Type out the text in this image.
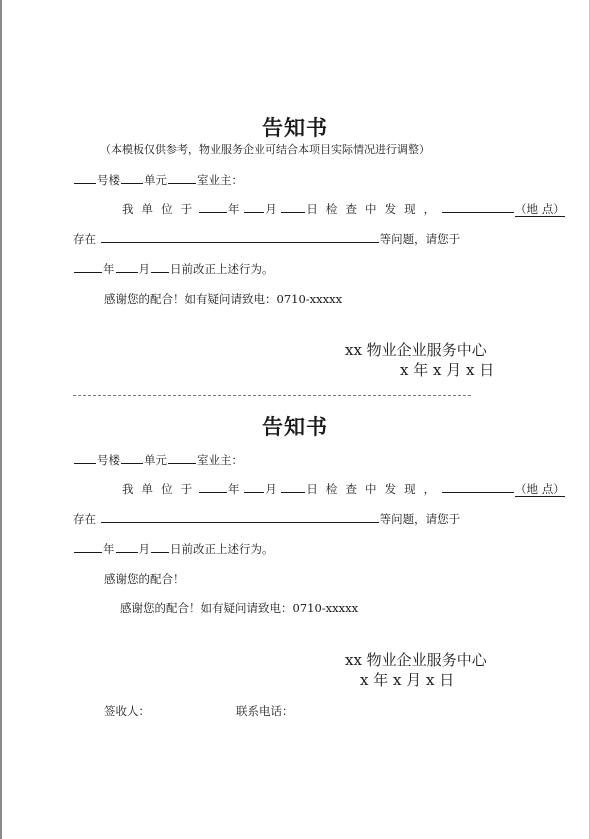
告知书
（本模板仅供参考，物业服务企业可结合本项目实际情况进行调整）
号楼 单元	室业主：
我 单 位 于	年 月	日 检 查 中 发 现 ，	（地 点）
存在	等问题，请您于
年 月 日前改正上述行为。
感谢您的配合！如有疑问请致电：0710-xxxxx
xx 物业企业服务中心
x 年 x 月 x 日
告知书
号楼 单元	室业主：
我 单 位 于	年 月	日 检 查 中 发 现 ，	（地 点）
存在	等问题，请您于
年 月 日前改正上述行为。
感谢您的配合！
感谢您的配合！如有疑问请致电：0710-xxxxx
xx 物业企业服务中心
x 年 x 月 x 日
签收人：	联系电话：
